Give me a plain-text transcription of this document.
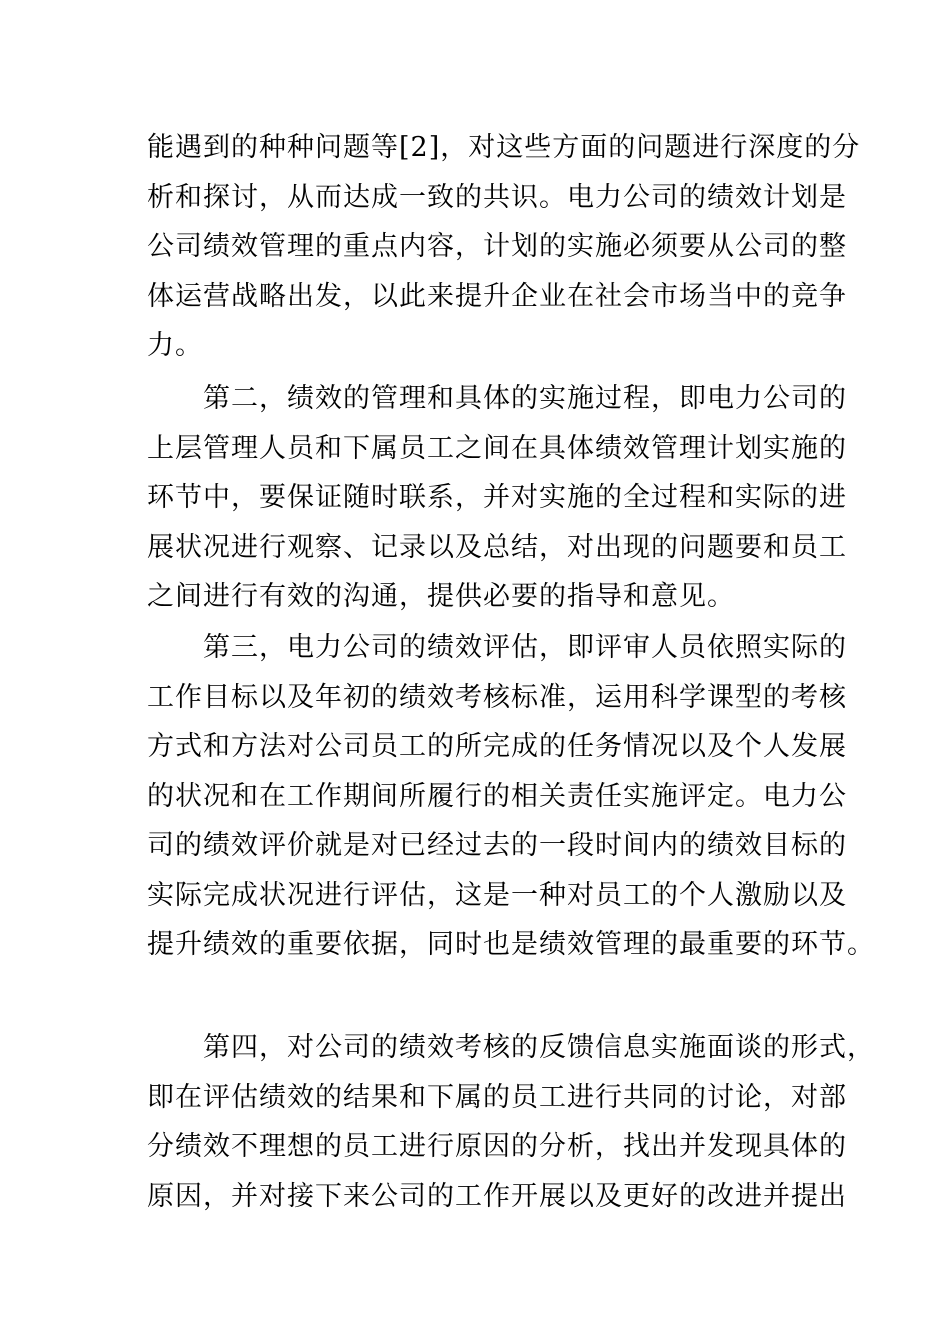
能遇到的种种问题等[2]，对这些方面的问题进行深度的分
析和探讨，从而达成一致的共识。电力公司的绩效计划是
公司绩效管理的重点内容，计划的实施必须要从公司的整
体运营战略出发，以此来提升企业在社会市场当中的竞争
力。
　　第二，绩效的管理和具体的实施过程，即电力公司的
上层管理人员和下属员工之间在具体绩效管理计划实施的
环节中，要保证随时联系，并对实施的全过程和实际的进
展状况进行观察、记录以及总结，对出现的问题要和员工
之间进行有效的沟通，提供必要的指导和意见。
　　第三，电力公司的绩效评估，即评审人员依照实际的
工作目标以及年初的绩效考核标准，运用科学课型的考核
方式和方法对公司员工的所完成的任务情况以及个人发展
的状况和在工作期间所履行的相关责任实施评定。电力公
司的绩效评价就是对已经过去的一段时间内的绩效目标的
实际完成状况进行评估，这是一种对员工的个人激励以及
提升绩效的重要依据，同时也是绩效管理的最重要的环节。
　　第四，对公司的绩效考核的反馈信息实施面谈的形式，
即在评估绩效的结果和下属的员工进行共同的讨论，对部
分绩效不理想的员工进行原因的分析，找出并发现具体的
原因，并对接下来公司的工作开展以及更好的改进并提出
